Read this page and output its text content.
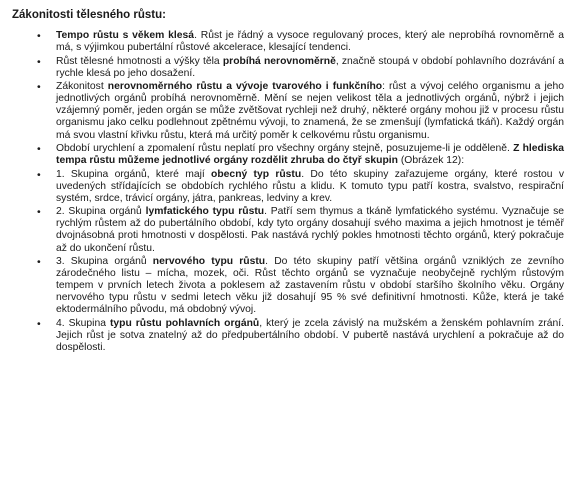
Zákonitosti tělesného růstu:
• Tempo růstu s věkem klesá. Růst je řádný a vysoce regulovaný proces, který ale neprobíhá rovnoměrně a má, s výjimkou pubertální růstové akcelerace, klesající tendenci.
• Růst tělesné hmotnosti a výšky těla probíhá nerovnoměrně, značně stoupá v období pohlavního dozrávání a rychle klesá po jeho dosažení.
• Zákonitost nerovnoměrného růstu a vývoje tvarového i funkčního: růst a vývoj celého organismu a jeho jednotlivých orgánů probíhá nerovnoměrně. Mění se nejen velikost těla a jednotlivých orgánů, nýbrž i jejich vzájemný poměr, jeden orgán se může zvětšovat rychleji než druhý, některé orgány mohou již v procesu růstu organismu jako celku podlehnout zpětnému vývoji, to znamená, že se zmenšují (lymfatická tkáň). Každý orgán má svou vlastní křivku růstu, která má určitý poměr k celkovému růstu organismu.
• Období urychlení a zpomalení růstu neplatí pro všechny orgány stejně, posuzujeme-li je odděleně. Z hlediska tempa růstu můžeme jednotlivé orgány rozdělit zhruba do čtyř skupin (Obrázek 12):
• 1. Skupina orgánů, které mají obecný typ růstu. Do této skupiny zařazujeme orgány, které rostou v uvedených střídajících se obdobích rychlého růstu a klidu. K tomuto typu patří kostra, svalstvo, respirační systém, srdce, trávicí orgány, játra, pankreas, ledviny a krev.
• 2. Skupina orgánů lymfatického typu růstu. Patří sem thymus a tkáně lymfatického systému. Vyznačuje se rychlým růstem až do pubertálního období, kdy tyto orgány dosahují svého maxima a jejich hmotnost je téměř dvojnásobná proti hmotnosti v dospělosti. Pak nastává rychlý pokles hmotnosti těchto orgánů, který pokračuje až do ukončení růstu.
• 3. Skupina orgánů nervového typu růstu. Do této skupiny patří většina orgánů vzniklých ze zevního zárodečného listu – mícha, mozek, oči. Růst těchto orgánů se vyznačuje neobyčejně rychlým růstovým tempem v prvních letech života a poklesem až zastavením růstu v období staršího školního věku. Orgány nervového typu růstu v sedmi letech věku již dosahují 95 % své definitivní hmotnosti. Kůže, která je také ektodermálního původu, má obdobný vývoj.
• 4. Skupina typu růstu pohlavních orgánů, který je zcela závislý na mužském a ženském pohlavním zrání. Jejich růst je sotva znatelný až do předpubertálního období. V pubertě nastává urychlení a pokračuje až do dospělosti.
